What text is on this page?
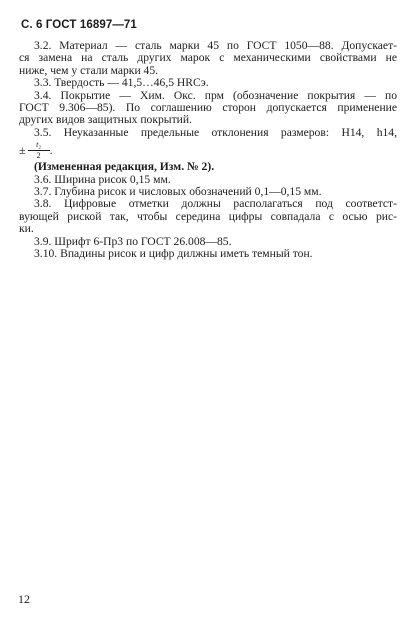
С. 6 ГОСТ 16897—71

3.2. Материал — сталь марки 45 по ГОСТ 1050—88. Допускает-
ся замена на сталь других марок с механическими свойствами не
ниже, чем у стали марки 45.

3.3. Твердость — 41,5…46,5 HRCэ.

3.4. Покрытие — Хим. Окс. прм (обозначение покрытия — по
ГОСТ 9.306—85). По соглашению сторон допускается применение
других видов защитных покрытий.

3.5. Неуказанные предельные отклонения размеров: H14, h14,

± $\frac{\text{t₂}}{2}$ .

(Измененная редакция, Изм. № 2).

3.6. Ширина рисок 0,15 мм.

3.7. Глубина рисок и числовых обозначений 0,1—0,15 мм.

3.8. Цифровые отметки должны располагаться под соответст-
вующей риской так, чтобы середина цифры совпадала с осью рис-
ки.

3.9. Шрифт 6-Пр3 по ГОСТ 26.008—85.

3.10. Впадины рисок и цифр дилжны иметь темный тон.

12
